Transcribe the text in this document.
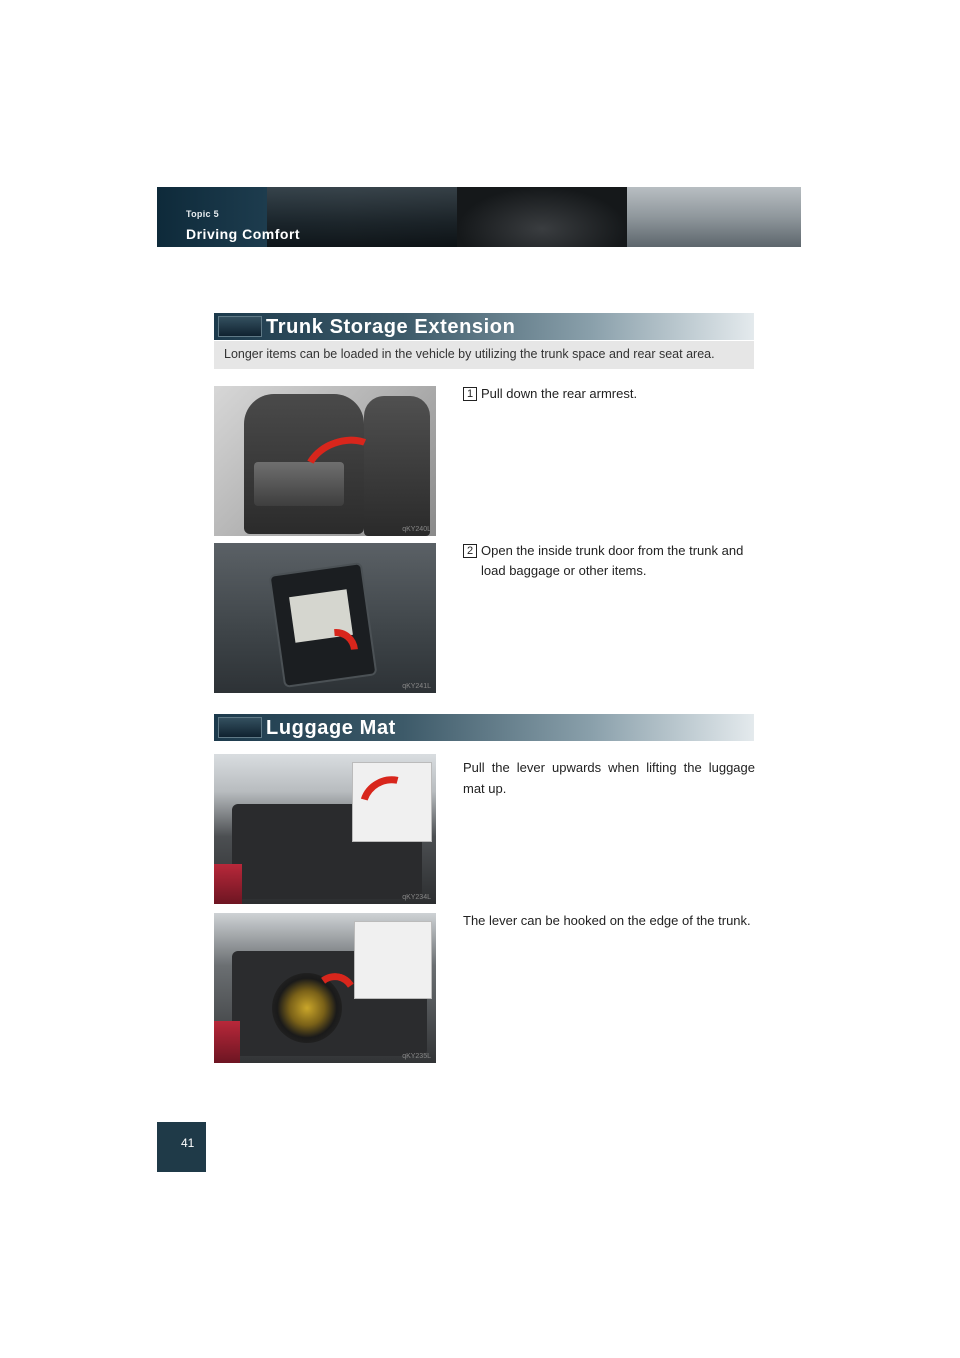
Topic 5
Driving Comfort
Trunk Storage Extension
Longer items can be loaded in the vehicle by utilizing the trunk space and rear seat area.
qKY240L
1 Pull down the rear armrest.
qKY241L
2 Open the inside trunk door from the trunk and
load baggage or other items.
Luggage Mat
qKY234L
Pull the lever upwards when lifting the luggage mat up.
qKY235L
The lever can be hooked on the edge of the trunk.
41
